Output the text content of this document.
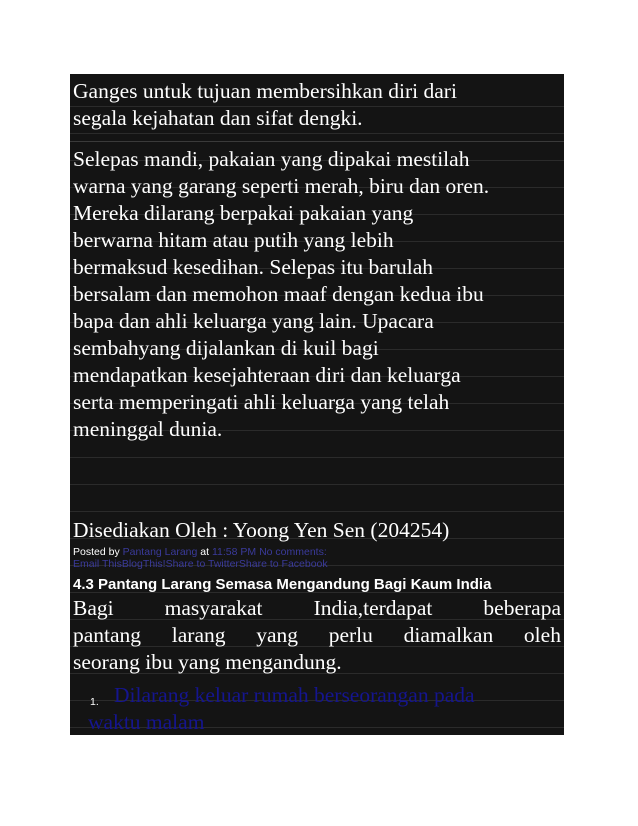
Ganges untuk tujuan membersihkan diri dari
segala kejahatan dan sifat dengki.
Selepas mandi, pakaian yang dipakai mestilah
warna yang garang seperti merah, biru dan oren.
Mereka dilarang berpakai pakaian yang
berwarna hitam atau putih yang lebih
bermaksud kesedihan. Selepas itu barulah
bersalam dan memohon maaf dengan kedua ibu
bapa dan ahli keluarga yang lain. Upacara
sembahyang dijalankan di kuil bagi
mendapatkan kesejahteraan diri dan keluarga
serta memperingati ahli keluarga yang telah
meninggal dunia.
Disediakan Oleh : Yoong Yen Sen (204254)
Posted by Pantang Larang at 11:58 PM No comments:
Email ThisBlogThis!Share to TwitterShare to Facebook
4.3 Pantang Larang Semasa Mengandung Bagi Kaum India
Bagi masyarakat India,terdapat beberapa
pantang larang yang perlu diamalkan oleh
seorang ibu yang mengandung.
1. Dilarang keluar rumah berseorangan pada
waktu malam
